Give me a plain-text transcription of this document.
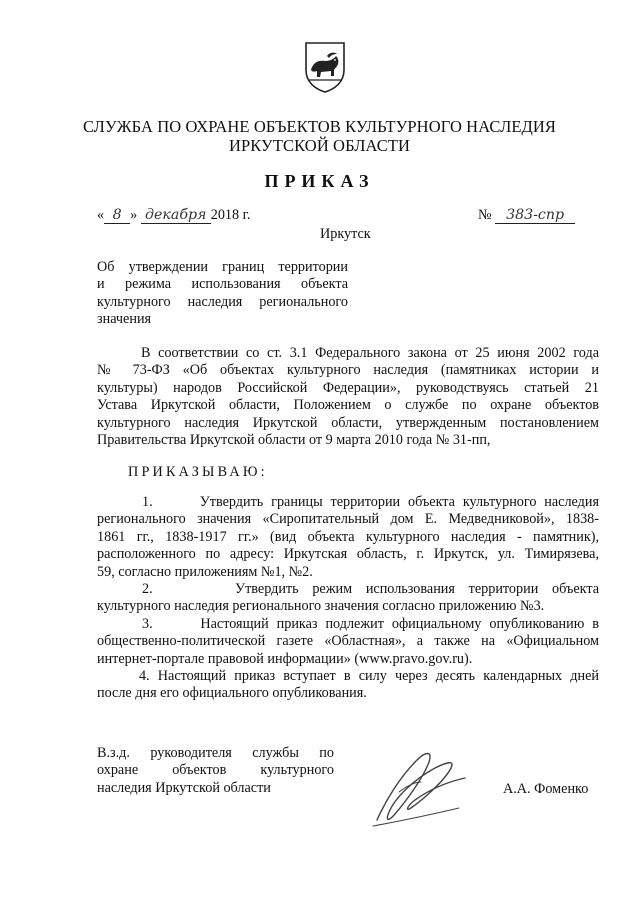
СЛУЖБА ПО ОХРАНЕ ОБЪЕКТОВ КУЛЬТУРНОГО НАСЛЕДИЯ
ИРКУТСКОЙ ОБЛАСТИ
ПРИКАЗ
« 8 » декабря 2018 г.	№ 383-спр
Иркутск
Об утверждении границ территории
и режима использования объекта
культурного наследия регионального
значения
В соответствии со ст. 3.1 Федерального закона от 25 июня 2002 года
№ 73-ФЗ «Об объектах культурного наследия (памятниках истории и
культуры) народов Российской Федерации», руководствуясь статьей 21
Устава Иркутской области, Положением о службе по охране объектов
культурного наследия Иркутской области, утвержденным постановлением
Правительства Иркутской области от 9 марта 2010 года № 31-пп,
ПРИКАЗЫВАЮ:
1.      Утвердить границы территории объекта культурного наследия
регионального значения «Сиропитательный дом Е. Медведниковой», 1838-
1861 гг., 1838-1917 гг.» (вид объекта культурного наследия - памятник),
расположенного по адресу: Иркутская область, г. Иркутск, ул. Тимирязева,
59, согласно приложениям №1, №2.
2.      Утвердить режим использования территории объекта
культурного наследия регионального значения согласно приложению №3.
3.      Настоящий приказ подлежит официальному опубликованию в
общественно-политической газете «Областная», а также на «Официальном
интернет-портале правовой информации» (www.pravo.gov.ru).
4. Настоящий приказ вступает в силу через десять календарных дней
после дня его официального опубликования.
В.з.д. руководителя службы по
охране объектов культурного
наследия Иркутской области	А.А. Фоменко
